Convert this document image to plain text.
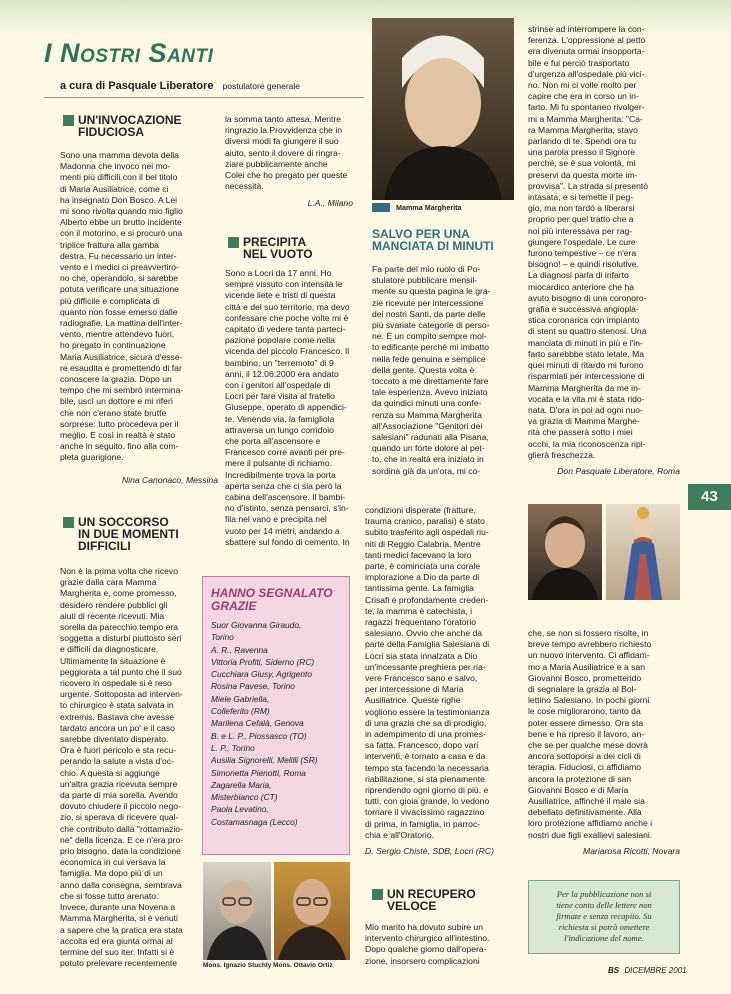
I Nostri Santi
a cura di Pasquale Liberatore postulatore generale
UN'INVOCAZIONE
FIDUCIOSA
Sono una mamma devota della
Madonna che invoco nei mo-
menti più difficili con il bel titolo
di Maria Ausiliatrice, come ci
ha insegnato Don Bosco. A Lei
mi sono rivolta quando mio figlio
Alberto ebbe un brutto incidente
con il motorino, e si procurò una
triplice frattura alla gamba
destra. Fu necessario un inter-
vento e i medici ci preavvertiro-
no che, operandolo, si sarebbe
potuta verificare una situazione
più difficile e complicata di
quanto non fosse emerso dalle
radiografie. La mattina dell'inter-
vento, mentre attendevo fuori,
ho pregato in continuazione
Maria Ausiliatrice, sicura d'esse-
re esaudita e promettendo di far
conoscere la grazia. Dopo un
tempo che mi sembrò intermina-
bile, uscì un dottore e mi riferì
che non c'erano state brutte
sorprese: tutto procedeva per il
meglio. E così in realtà è stato
anche in seguito, fino alla com-
pleta guarigione.
Nina Canonaco, Messina
la somma tanto attesa. Mentre
ringrazio la Provvidenza che in
diversi modi fa giungere il suo
aiuto, sento il dovere di ringra-
ziare pubblicamente anche
Colei che ho pregato per queste
necessità.
L.A., Milano
PRECIPITA
NEL VUOTO
Sono a Locri da 17 anni. Ho
sempre vissuto con intensità le
vicende liete e tristi di questa
città e del suo territorio, ma devo
confessare che poche volte mi è
capitato di vedere tanta parteci-
pazione popolare come nella
vicenda del piccolo Francesco. Il
bambino, un "terremoto" di 9
anni, il 12.06.2000 era andato
con i genitori all'ospedale di
Locri per fare visita al fratello
Giuseppe, operato di appendici-
te. Venendo via, la famigliola
attraversa un lungo corridoio
che porta all'ascensore e
Francesco corre avanti per pre-
mere il pulsante di richiamo.
Incredibilmente trova la porta
aperta senza che ci sia però la
cabina dell'ascensore. Il bambi-
no d'istinto, senza pensarci, s'in-
fila nel vano e precipita nel
vuoto per 14 metri, andando a
sbattere sul fondo di cemento. In
Mamma Margherita
SALVO PER UNA
MANCIATA DI MINUTI
Fa parte del mio ruolo di Po-
stulatore pubblicare mensil-
mente su questa pagina le gra-
zie ricevute per intercessione
dei nostri Santi, da parte delle
più svariate categorie di perso-
ne. È un compito sempre mol-
to edificante perché mi imbatto
nella fede genuina e semplice
della gente. Questa volta è
toccato a me direttamente fare
tale esperienza. Avevo iniziato
da quindici minuti una confe-
renza su Mamma Margherita
all'Associazione "Genitori dei
salesiani" radunati alla Pisana,
quando un forte dolore al pet-
to, che in realtà era iniziato in
sordina già da un'ora, mi co-
strinse ad interrompere la con-
ferenza. L'oppressione al petto
era divenuta ormai insopporta-
bile e fui perciò trasportato
d'urgenza all'ospedale più vici-
no. Non mi ci volle molto per
capire che era in corso un in-
farto. Mi fu spontaneo rivolger-
mi a Mamma Margherita: "Ca-
ra Mamma Margherita, stavo
parlando di te. Spendi ora tu
una parola presso il Signore
perché, se è sua volontà, mi
preservi da questa morte im-
provvisa". La strada si presentò
intasata, e si temette il peg-
gio, ma non tardò a liberarsi
proprio per quel tratto che a
noi più interessava per rag-
giungere l'ospedale. Le cure
furono tempestive – ce n'era
bisogno! – e quindi risolutive.
La diagnosi parla di infarto
miocardico anteriore che ha
avuto bisogno di una coronoro-
grafia e successiva angiopla-
stica coronarica con impianto
di stent su quattro stenosi. Una
manciata di minuti in più e l'in-
farto sarebbbe stato letale. Ma
quei minuti di ritardo mi furono
risparmiati per intercessione di
Mamma Margherita da me in-
vocata e la vita mi è stata rido-
nata. D'ora in poi ad ogni nuo-
va grazia di Mamma Marghe-
rita che passerà sotto i miei
occhi, la mia riconoscenza ripi-
glierà freschezza.
Don Pasquale Liberatore, Roma
43
UN SOCCORSO
IN DUE MOMENTI
DIFFICILI
Non è la prima volta che ricevo
grazie dalla cara Mamma
Margherita e, come promesso,
desidero rendere pubblici gli
aiuti di recente ricevuti. Mia
sorella da parecchio tempo era
soggetta a disturbi piuttosto seri
e difficili da diagnosticare.
Ultimamente la situazione è
peggiorata a tal punto che il suo
ricovero in ospedale si è reso
urgente. Sottoposta ad interven-
to chirurgico è stata salvata in
extremis. Bastava che avesse
tardato ancora un po' e il caso
sarebbe diventato disperato.
Ora è fuori pericolo e sta recu-
perando la salute a vista d'oc-
chio. A questa si aggiunge
un'altra grazia ricevuta sempre
da parte di mia sorella. Avendo
dovuto chiudere il piccolo nego-
zio, si sperava di ricevere qual-
che contributo dalla "rottamazio-
ne" della licenza. E ce n'era pro-
prio bisogno, data la condizione
economica in cui versava la
famiglia. Ma dopo più di un
anno dalla consegna, sembrava
che si fosse tutto arenato.
Invece, durante una Novena a
Mamma Margherita, si è venuti
a sapere che la pratica era stata
accolta ed era giunta ormai al
termine del suo iter. Infatti si è
potuto prelevare recentemente
HANNO SEGNALATO
GRAZIE
Suor Giovanna Giraudo,
Torino
A. R., Ravenna
Vittoria Profiti, Siderno (RC)
Cucchiara Giusy, Agrigento
Rosina Pavese, Torino
Miele Gabriella,
Colleferito (RM)
Marilena Cefalà, Genova
B. e L. P., Piossasco (TO)
L. P., Torino
Ausilia Signorelli, Melilli (SR)
Simonetta Pienotti, Roma
Zagarella Maria,
Misterbianco (CT)
Paola Levatino,
Costamasnaga (Lecco)
condizioni disperate (fratture,
trauma cranico, paralisi) è stato
subito trasferito agli ospedali riu-
niti di Reggio Calabria. Mentre
tanti medici facevano la loro
parte, è cominciata una corale
implorazione a Dio da parte di
tantissima gente. La famiglia
Crisafi è profondamente creden-
te, la mamma è catechista, i
ragazzi frequentano l'oratorio
salesiano. Ovvio che anche da
parte della Famiglia Salesiana di
Locri sia stata innalzata a Dio
un'incessante preghiera per ria-
vere Francesco sano e salvo,
per intercessione di Maria
Ausiliatrice. Queste righe
vogliono essere la testimonianza
di una grazia che sa di prodigio,
in adempimento di una promes-
sa fatta. Francesco, dopo vari
interventi, è tornato a casa e da
tempo sta facendo la necessaria
riabilitazione, si sta pienamente
riprendendo ogni giorno di più, e
tutti, con gioia grande, lo vedono
tornare il vivacissimo ragazzino
di prima, in famiglia, in parroc-
chia e all'Oratorio.
D. Sergio Chistè, SDB, Locri (RC)
che, se non si fossero risolte, in
breve tempo avrebbero richiesto
un nuovo intervento. Ci affidam-
mo a Maria Ausiliatrice e a san
Giovanni Bosco, promettendo
di segnalare la grazia al Bol-
lettino Salesiano. In pochi giorni
le cose migliorarono, tanto da
poter essere dimesso. Ora sta
bene e ha ripreso il lavoro, an-
che se per qualche mese dovrà
ancora sottoporsi a dei cicli di
terapia. Fiduciosi, ci affidiamo
ancora la protezione di san
Giovanni Bosco e di Maria
Ausiliatrice, affinché il male sia
debellato definitivamente. Alla
loro protezione affidiamo anche i
nostri due figli exallievi salesiani.
Mariarosa Ricotti, Novara
Mons. Ignazio Stuchly Mons. Ottavio Ortiz
UN RECUPERO
VELOCE
Mio marito ha dovuto subire un
intervento chirurgico all'intestino.
Dopo qualche giorno dall'opera-
zione, insorsero complicazioni
Per la pubblicazione non si
tiene conto delle lettere non
firmate e senza recapito. Su
richiesta si potrà omettere
l'indicazione del nome.
BS DICEMBRE 2001
